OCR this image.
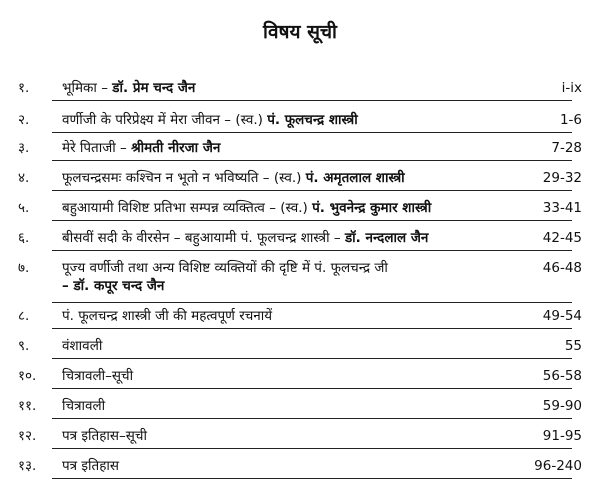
विषय सूची
१. भूमिका – डॉ. प्रेम चन्द जैन	i-ix
२. वर्णीजी के परिप्रेक्ष्य में मेरा जीवन – (स्व.) पं. फूलचन्द्र शास्त्री	1-6
३. मेरे पिताजी – श्रीमती नीरजा जैन	7-28
४. फूलचन्द्रसमः कश्चिन न भूतो न भविष्यति – (स्व.) पं. अमृतलाल शास्त्री	29-32
५. बहुआयामी विशिष्ट प्रतिभा सम्पन्न व्यक्तित्व – (स्व.) पं. भुवनेन्द्र कुमार शास्त्री	33-41
६. बीसवीं सदी के वीरसेन – बहुआयामी पं. फूलचन्द्र शास्त्री – डॉ. नन्दलाल जैन	42-45
७. पूज्य वर्णीजी तथा अन्य विशिष्ट व्यक्तियों की दृष्टि में पं. फूलचन्द्र जी
– डॉ. कपूर चन्द जैन
46-48
८. पं. फूलचन्द्र शास्त्री जी की महत्वपूर्ण रचनायें	49-54
९. वंशावली	55
१०. चित्रावली–सूची	56-58
११. चित्रावली	59-90
१२. पत्र इतिहास–सूची	91-95
१३. पत्र इतिहास	96-240
